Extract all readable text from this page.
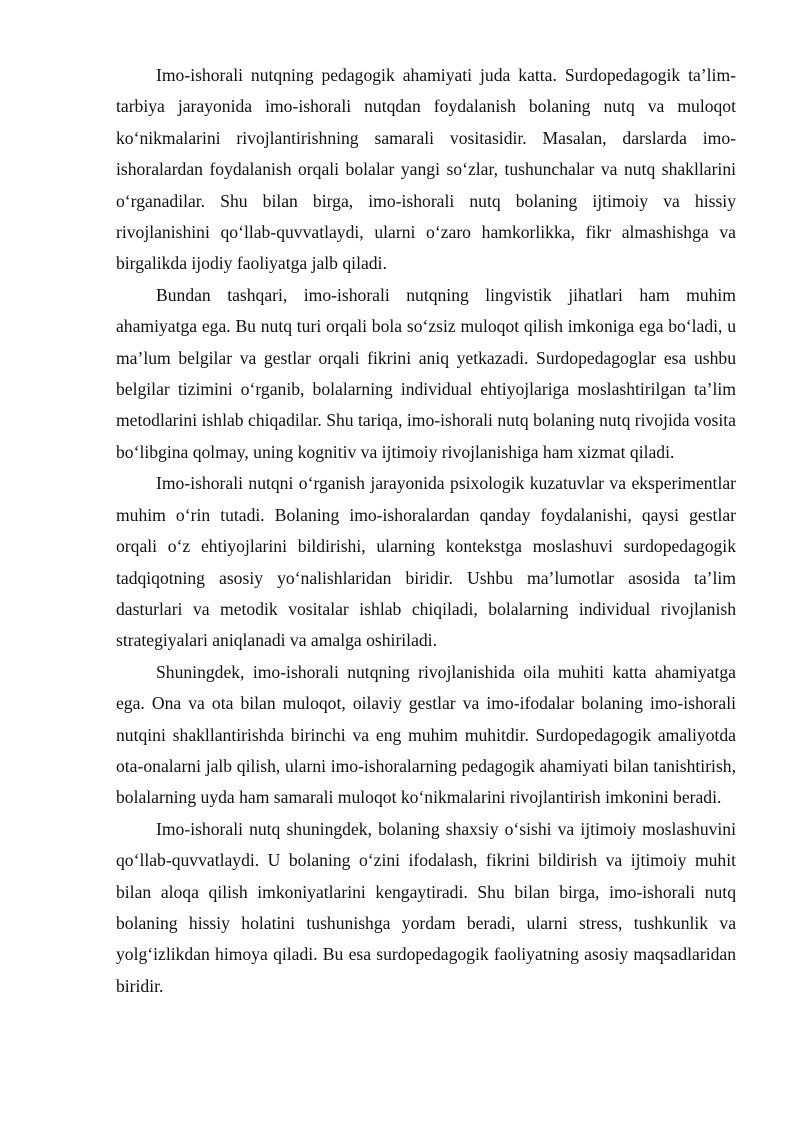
Imo-ishorali nutqning pedagogik ahamiyati juda katta. Surdopedagogik ta’lim-tarbiya jarayonida imo-ishorali nutqdan foydalanish bolaning nutq va muloqot ko‘nikmalarini rivojlantirishning samarali vositasidir. Masalan, darslarda imo-ishoralardan foydalanish orqali bolalar yangi so‘zlar, tushunchalar va nutq shakllarini o‘rganadilar. Shu bilan birga, imo-ishorali nutq bolaning ijtimoiy va hissiy rivojlanishini qo‘llab-quvvatlaydi, ularni o‘zaro hamkorlikka, fikr almashishga va birgalikda ijodiy faoliyatga jalb qiladi.

Bundan tashqari, imo-ishorali nutqning lingvistik jihatlari ham muhim ahamiyatga ega. Bu nutq turi orqali bola so‘zsiz muloqot qilish imkoniga ega bo‘ladi, u ma’lum belgilar va gestlar orqali fikrini aniq yetkazadi. Surdopedagoglar esa ushbu belgilar tizimini o‘rganib, bolalarning individual ehtiyojlariga moslashtirilgan ta’lim metodlarini ishlab chiqadilar. Shu tariqa, imo-ishorali nutq bolaning nutq rivojida vosita bo‘libgina qolmay, uning kognitiv va ijtimoiy rivojlanishiga ham xizmat qiladi.

Imo-ishorali nutqni o‘rganish jarayonida psixologik kuzatuvlar va eksperimentlar muhim o‘rin tutadi. Bolaning imo-ishoralardan qanday foydalanishi, qaysi gestlar orqali o‘z ehtiyojlarini bildirishi, ularning kontekstga moslashuvi surdopedagogik tadqiqotning asosiy yo‘nalishlaridan biridir. Ushbu ma’lumotlar asosida ta’lim dasturlari va metodik vositalar ishlab chiqiladi, bolalarning individual rivojlanish strategiyalari aniqlanadi va amalga oshiriladi.

Shuningdek, imo-ishorali nutqning rivojlanishida oila muhiti katta ahamiyatga ega. Ona va ota bilan muloqot, oilaviy gestlar va imo-ifodalar bolaning imo-ishorali nutqini shakllantirishda birinchi va eng muhim muhitdir. Surdopedagogik amaliyotda ota-onalarni jalb qilish, ularni imo-ishoralarning pedagogik ahamiyati bilan tanishtirish, bolalarning uyda ham samarali muloqot ko‘nikmalarini rivojlantirish imkonini beradi.

Imo-ishorali nutq shuningdek, bolaning shaxsiy o‘sishi va ijtimoiy moslashuvini qo‘llab-quvvatlaydi. U bolaning o‘zini ifodalash, fikrini bildirish va ijtimoiy muhit bilan aloqa qilish imkoniyatlarini kengaytiradi. Shu bilan birga, imo-ishorali nutq bolaning hissiy holatini tushunishga yordam beradi, ularni stress, tushkunlik va yolg‘izlikdan himoya qiladi. Bu esa surdopedagogik faoliyatning asosiy maqsadlaridan biridir.
